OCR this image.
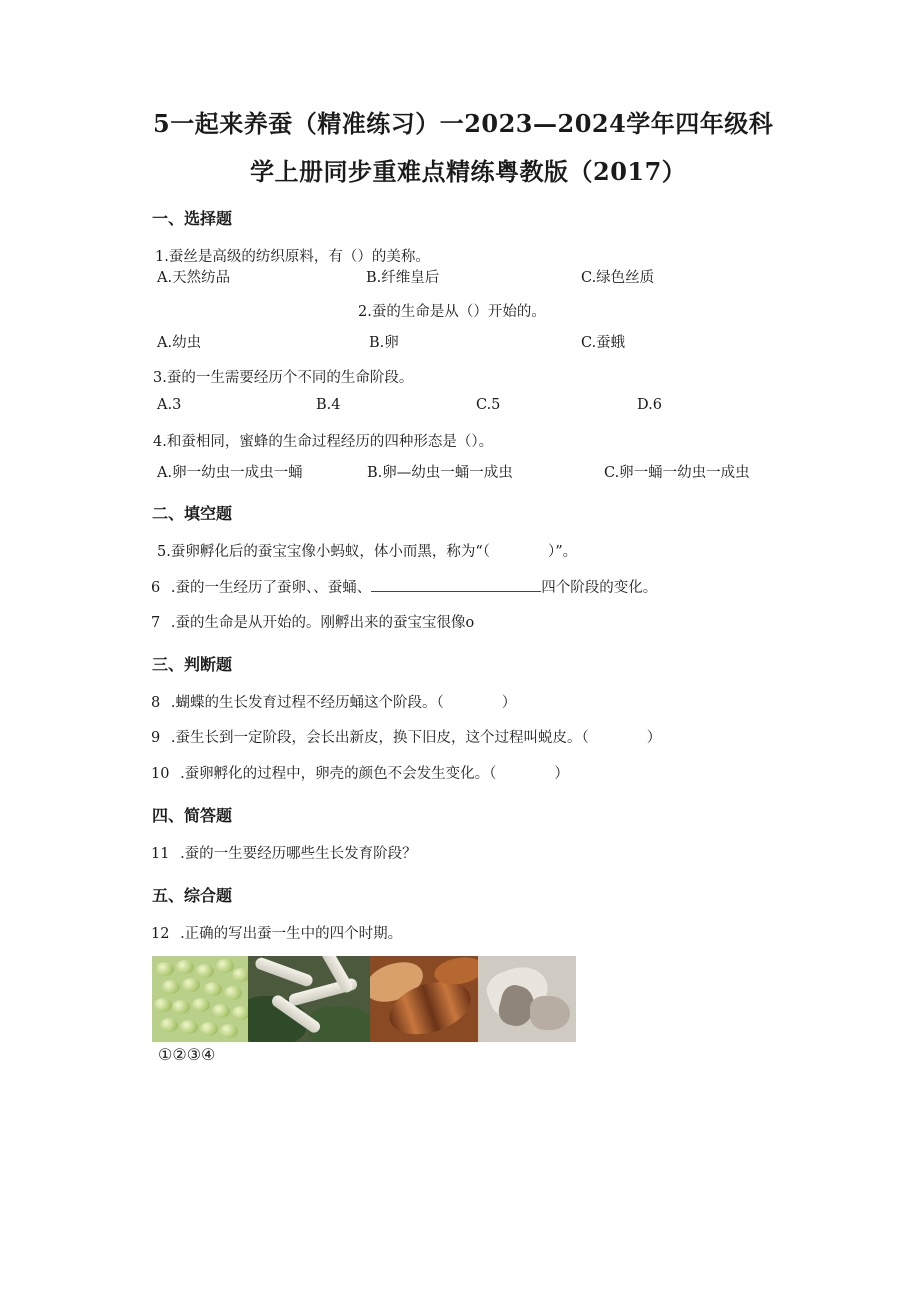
5一起来养蚕（精准练习）一2023—2024学年四年级科
学上册同步重难点精练粤教版（2017）
一、选择题
1.蚕丝是高级的纺织原料，有（）的美称。
A.天然纺品	B.纤维皇后	C.绿色丝质
2.蚕的生命是从（）开始的。
A.幼虫	B.卵	C.蚕蛾
3.蚕的一生需要经历个不同的生命阶段。
A.3	B.4	C.5	D.6
4.和蚕相同，蜜蜂的生命过程经历的四种形态是（）。
A.卵一幼虫一成虫一蛹	B.卵—幼虫一蛹一成虫	C.卵一蛹一幼虫一成虫
二、填空题
5.蚕卵孵化后的蚕宝宝像小蚂蚁，体小而黑，称为“（　　　　）”。
6 .蚕的一生经历了蚕卵、、蚕蛹、	四个阶段的变化。
7 .蚕的生命是从开始的。刚孵出来的蚕宝宝很像o
三、判断题
8 .蝴蝶的生长发育过程不经历蛹这个阶段。（　　　　）
9 .蚕生长到一定阶段，会长出新皮，换下旧皮，这个过程叫蜕皮。（　　　　）
10 .蚕卵孵化的过程中，卵壳的颜色不会发生变化。（　　　　）
四、简答题
11 .蚕的一生要经历哪些生长发育阶段？
五、综合题
12 .正确的写出蚕一生中的四个时期。
①②③④
